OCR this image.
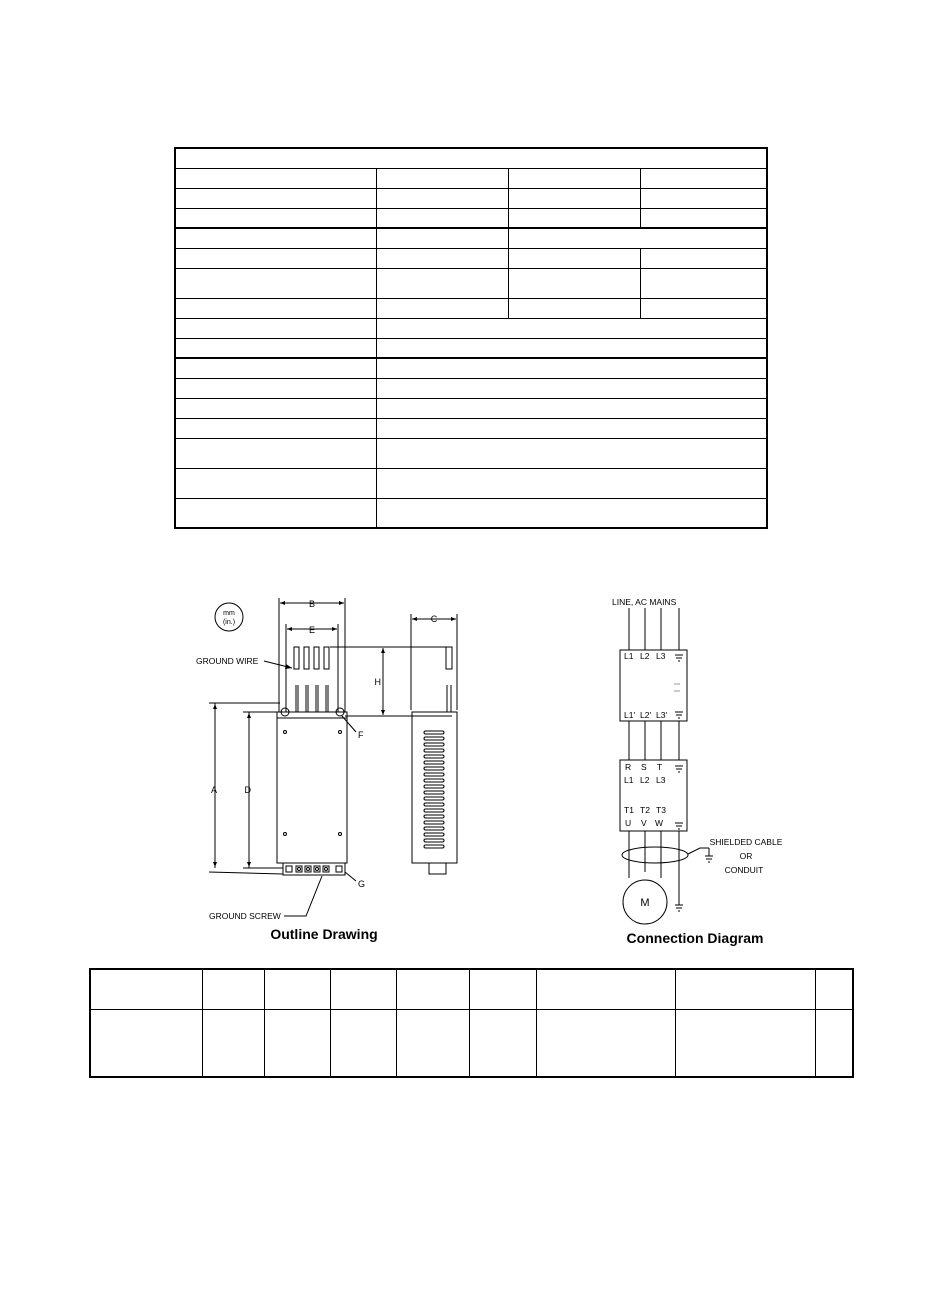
mm
(in.)
B
E
C
H
A	D
F
G
GROUND WIRE
GROUND SCREW
Outline Drawing
LINE, AC MAINS
L1 L2 L3
L1' L2' L3'
R S T
L1 L2 L3
T1 T2 T3
U V W
SHIELDED CABLE
OR
CONDUIT
M
Connection Diagram
